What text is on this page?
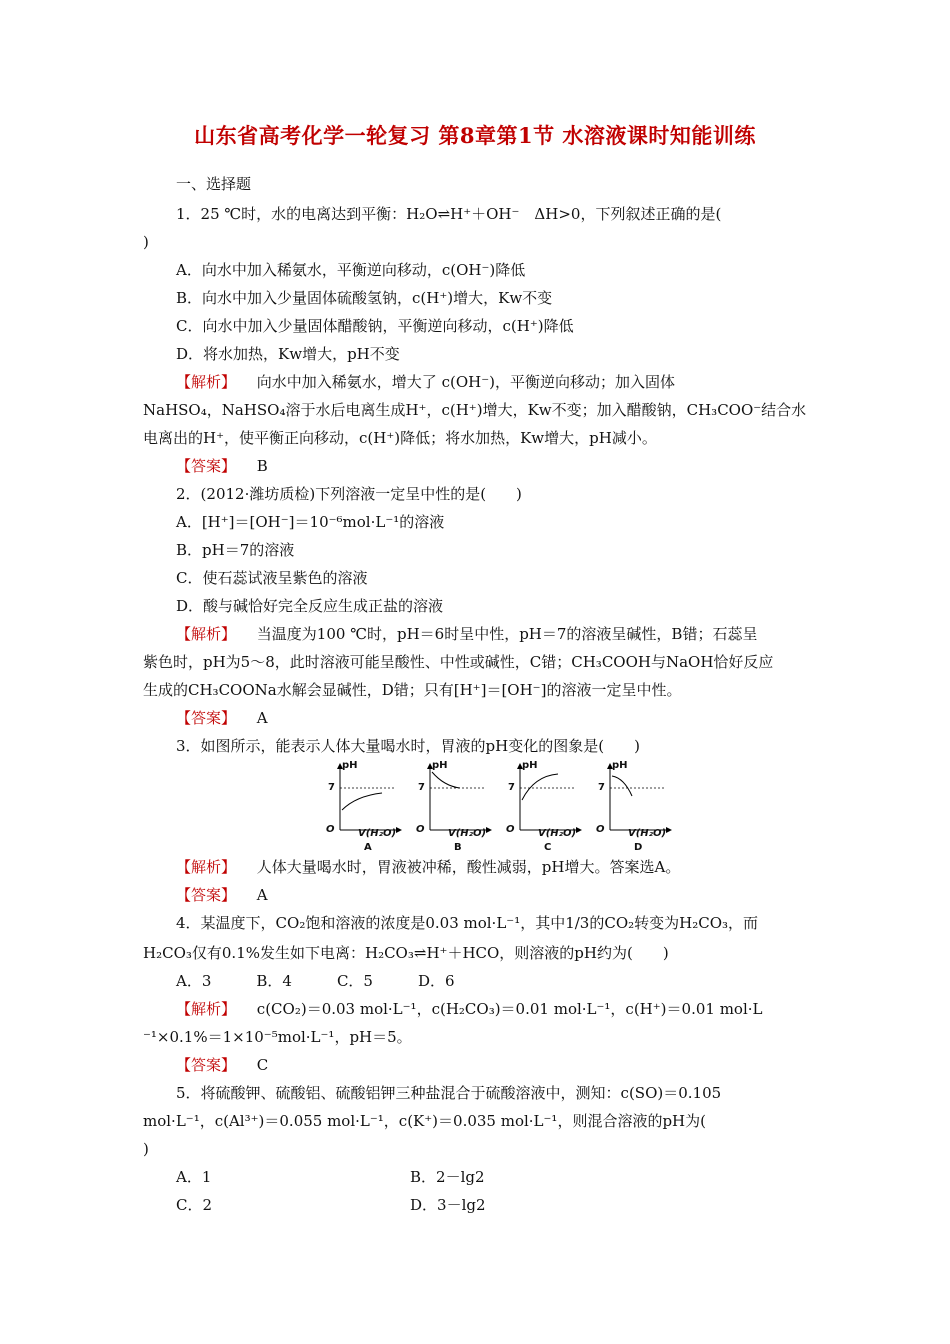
山东省高考化学一轮复习 第8章第1节 水溶液课时知能训练
一、选择题
1．25 ℃时，水的电离达到平衡：H₂O⇌H⁺＋OH⁻　ΔH>0，下列叙述正确的是(
)
A．向水中加入稀氨水，平衡逆向移动，c(OH⁻)降低
B．向水中加入少量固体硫酸氢钠，c(H⁺)增大，Kw不变
C．向水中加入少量固体醋酸钠，平衡逆向移动，c(H⁺)降低
D．将水加热，Kw增大，pH不变
【解析】 向水中加入稀氨水，增大了 c(OH⁻)，平衡逆向移动；加入固体
NaHSO₄，NaHSO₄溶于水后电离生成H⁺，c(H⁺)增大，Kw不变；加入醋酸钠，CH₃COO⁻结合水
电离出的H⁺，使平衡正向移动，c(H⁺)降低；将水加热，Kw增大，pH减小。
【答案】 B
2．(2012·潍坊质检)下列溶液一定呈中性的是(　　)
A．[H⁺]＝[OH⁻]＝10⁻⁶mol·L⁻¹的溶液
B．pH＝7的溶液
C．使石蕊试液呈紫色的溶液
D．酸与碱恰好完全反应生成正盐的溶液
【解析】 当温度为100 ℃时，pH＝6时呈中性，pH＝7的溶液呈碱性，B错；石蕊呈
紫色时，pH为5～8，此时溶液可能呈酸性、中性或碱性，C错；CH₃COOH与NaOH恰好反应
生成的CH₃COONa水解会显碱性，D错；只有[H⁺]＝[OH⁻]的溶液一定呈中性。
【答案】 A
3．如图所示，能表示人体大量喝水时，胃液的pH变化的图象是(　　)
pH
7
O V(H₂O)
A
pH
7
O V(H₂O)
B
pH
7
O V(H₂O)
C
pH
7
O V(H₂O)
D
【解析】 人体大量喝水时，胃液被冲稀，酸性减弱，pH增大。答案选A。
【答案】 A
4．某温度下，CO₂饱和溶液的浓度是0.03 mol·L⁻¹，其中1/3的CO₂转变为H₂CO₃，而
H₂CO₃仅有0.1%发生如下电离：H₂CO₃⇌H⁺＋HCO，则溶液的pH约为(　　)
A．3　　　B．4　　　C．5　　　D．6
【解析】 c(CO₂)＝0.03 mol·L⁻¹，c(H₂CO₃)＝0.01 mol·L⁻¹，c(H⁺)＝0.01 mol·L
⁻¹×0.1%＝1×10⁻⁵mol·L⁻¹，pH＝5。
【答案】 C
5．将硫酸钾、硫酸铝、硫酸铝钾三种盐混合于硫酸溶液中，测知：c(SO)＝0.105
mol·L⁻¹，c(Al³⁺)＝0.055 mol·L⁻¹，c(K⁺)＝0.035 mol·L⁻¹，则混合溶液的pH为(
)
A．1	B．2－lg2
C．2	D．3－lg2
